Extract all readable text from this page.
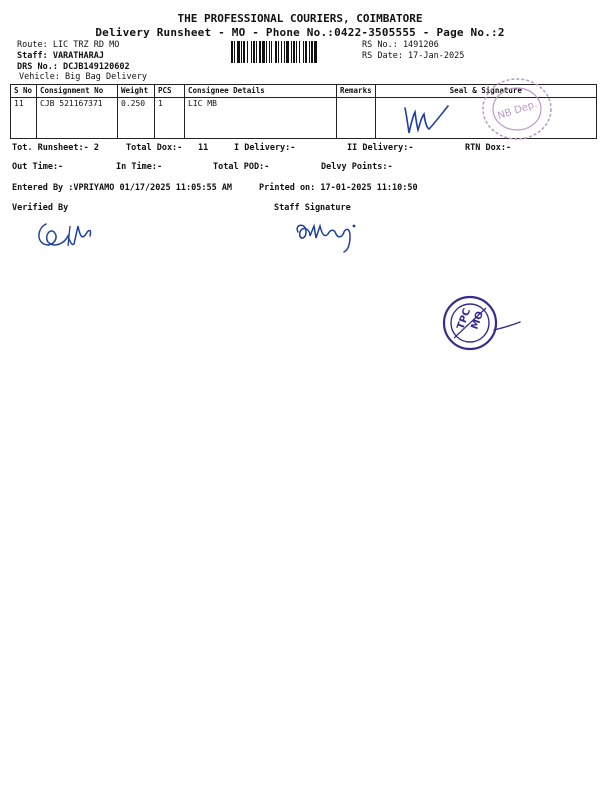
THE PROFESSIONAL COURIERS, COIMBATORE
Delivery Runsheet - MO - Phone No.:0422-3505555 - Page No.:2
Route: LIC TRZ RD MO
Staff: VARATHARAJ
DRS No.: DCJB149120602
Vehicle: Big Bag Delivery
RS No.: 1491206
RS Date: 17-Jan-2025
S No	Consignment No	Weight	PCS	Consignee Details	Remarks	Seal & Signature
11	CJB 521167371	0.250	1	LIC MB			NB Dep.
Tot. Runsheet:- 2	Total Dox:- 11	I Delivery:-	II Delivery:-	RTN Dox:-
Out Time:-	In Time:-	Total POD:-	Delvy Points:-
Entered By :VPRIYAMO 01/17/2025 11:05:55 AM	Printed on: 17-01-2025 11:10:50
Verified By	Staff Signature
TPC
MO
